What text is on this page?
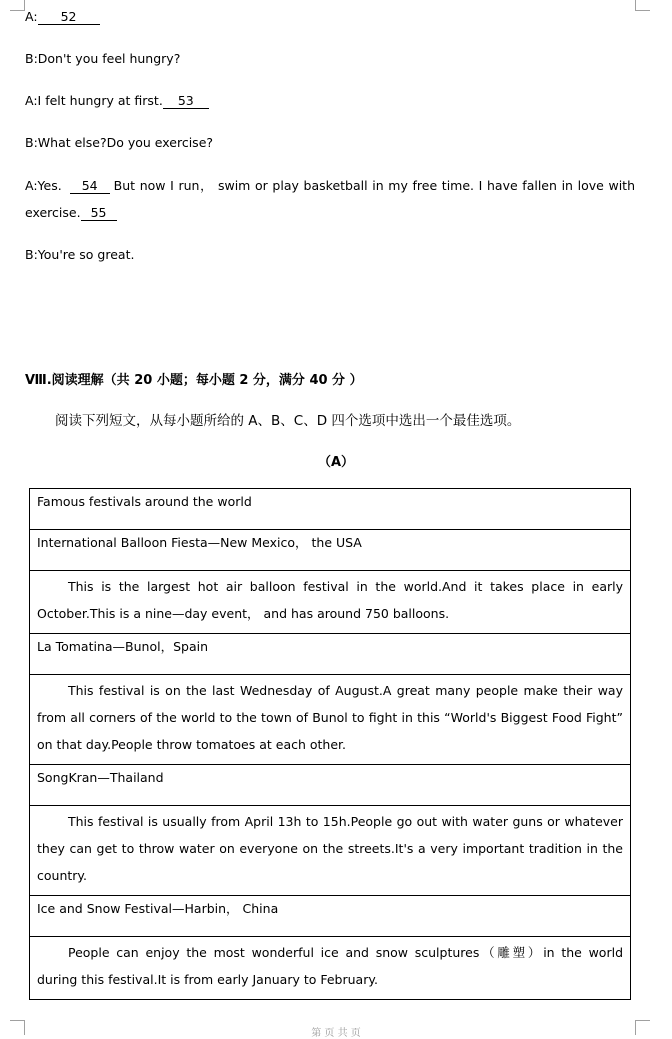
A: 52
B:Don't you feel hungry?
A:I felt hungry at first. 53
B:What else?Do you exercise?
A:Yes. 54	But now I run， swim or play basketball in my free time. I have fallen in love with
exercise. 55
B:You're so great.
Ⅷ.阅读理解（共 20 小题；每小题 2 分，满分 40 分 ）
阅读下列短文，从每小题所给的 A、B、C、D 四个选项中选出一个最佳选项。
（A）
Famous festivals around the world
International Balloon Fiesta—New Mexico， the USA
This is the largest hot air balloon festival in the world.And it takes place in early October.This is a nine—day event， and has around 750 balloons.
La Tomatina—Bunol，Spain
This festival is on the last Wednesday of August.A great many people make their way from all corners of the world to the town of Bunol to fight in this “World's Biggest Food Fight” on that day.People throw tomatoes at each other.
SongKran—Thailand
This festival is usually from April 13h to 15h.People go out with water guns or whatever they can get to throw water on everyone on the streets.It's a very important tradition in the country.
Ice and Snow Festival—Harbin， China
People can enjoy the most wonderful ice and snow sculptures（雕塑）in the world during this festival.It is from early January to February.
第 页 共 页
